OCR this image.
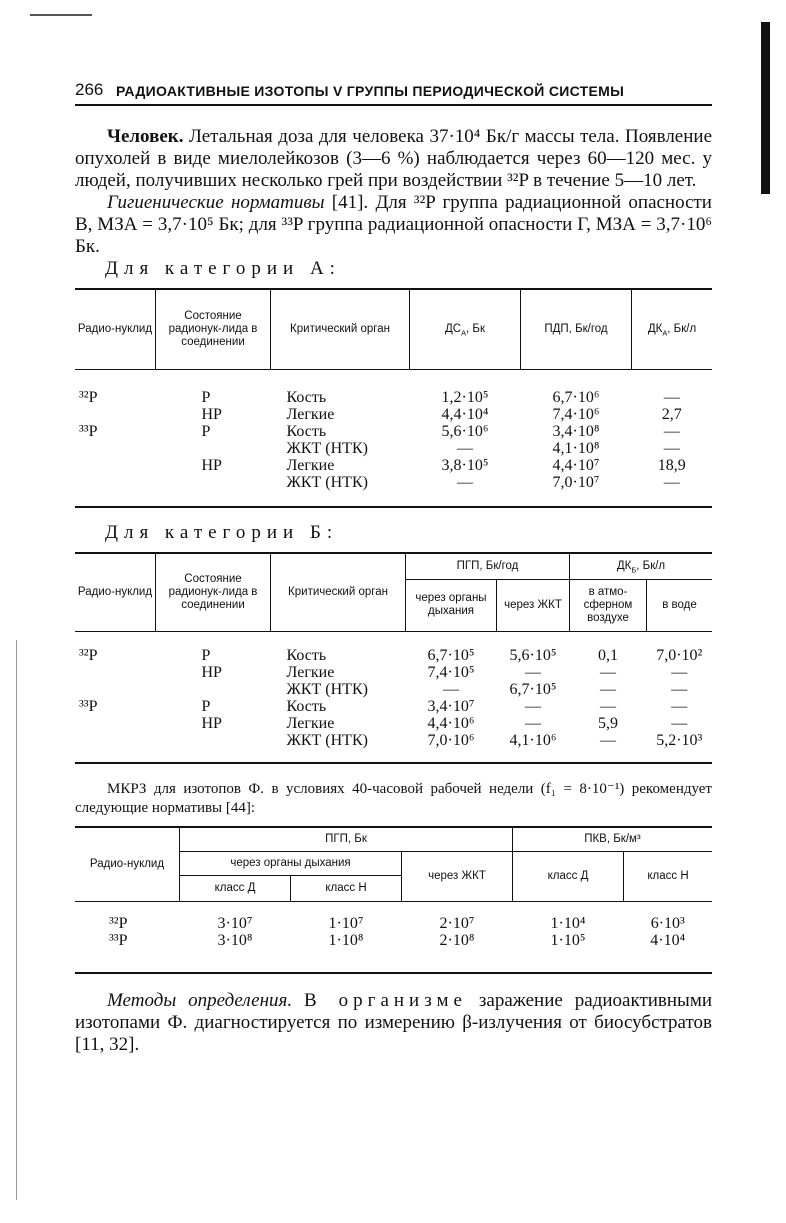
266 РАДИОАКТИВНЫЕ ИЗОТОПЫ V ГРУППЫ ПЕРИОДИЧЕСКОЙ СИСТЕМЫ

Человек. Летальная доза для человека 37·10⁴ Бк/г массы тела. Появление опухолей в виде миелолейкозов (3—6 %) наблюдается через 60—120 мес. у людей, получивших несколько грей при воздействии ³²P в течение 5—10 лет.

Гигиенические нормативы [41]. Для ³²P группа радиационной опасности В, МЗА = 3,7·10⁵ Бк; для ³³P группа радиационной опасности Г, МЗА = 3,7·10⁶ Бк.

Для категории А:

Радио-нуклид	Состояние радионук-лида в соединении	Критический орган	$ДС_A$, Бк	ПДП, Бк/год	$ДК_A$, Бк/л

³²P	Р	Кость	1,2·10⁵	6,7·10⁶	—
	НР	Легкие	4,4·10⁴	7,4·10⁶	2,7
³³P	Р	Кость	5,6·10⁶	3,4·10⁸	—
		ЖКТ (НТК)	—	4,1·10⁸	—
	НР	Легкие	3,8·10⁵	4,4·10⁷	18,9
		ЖКТ (НТК)	—	7,0·10⁷	—

Для категории Б:

Радио-нуклид	Состояние радионук-лида в соединении	Критический орган	ПГП, Бк/год		$ДК_Б$, Бк/л	
			через органы дыхания	через ЖКТ	в атмо-сферном воздухе	в воде

³²P	Р	Кость	6,7·10⁵	5,6·10⁵	0,1	7,0·10²
	НР	Легкие	7,4·10⁵	—	—	—
		ЖКТ (НТК)	—	6,7·10⁵	—	—
³³P	Р	Кость	3,4·10⁷	—	—	—
	НР	Легкие	4,4·10⁶	—	5,9	—
		ЖКТ (НТК)	7,0·10⁶	4,1·10⁶	—	5,2·10³

МКРЗ для изотопов Ф. в условиях 40-часовой рабочей недели (f₁ = 8·10⁻¹) рекомендует следующие нормативы [44]:

Радио-нуклид	ПГП, Бк			ПКВ, Бк/м³	
	через органы дыхания		через ЖКТ	класс Д	класс Н
	класс Д	класс Н			

³²P	3·10⁷	1·10⁷	2·10⁷	1·10⁴	6·10³
³³P	3·10⁸	1·10⁸	2·10⁸	1·10⁵	4·10⁴

Методы определения. В организме заражение радиоактивными изотопами Ф. диагностируется по измерению β-излучения от биосубстратов [11, 32].
